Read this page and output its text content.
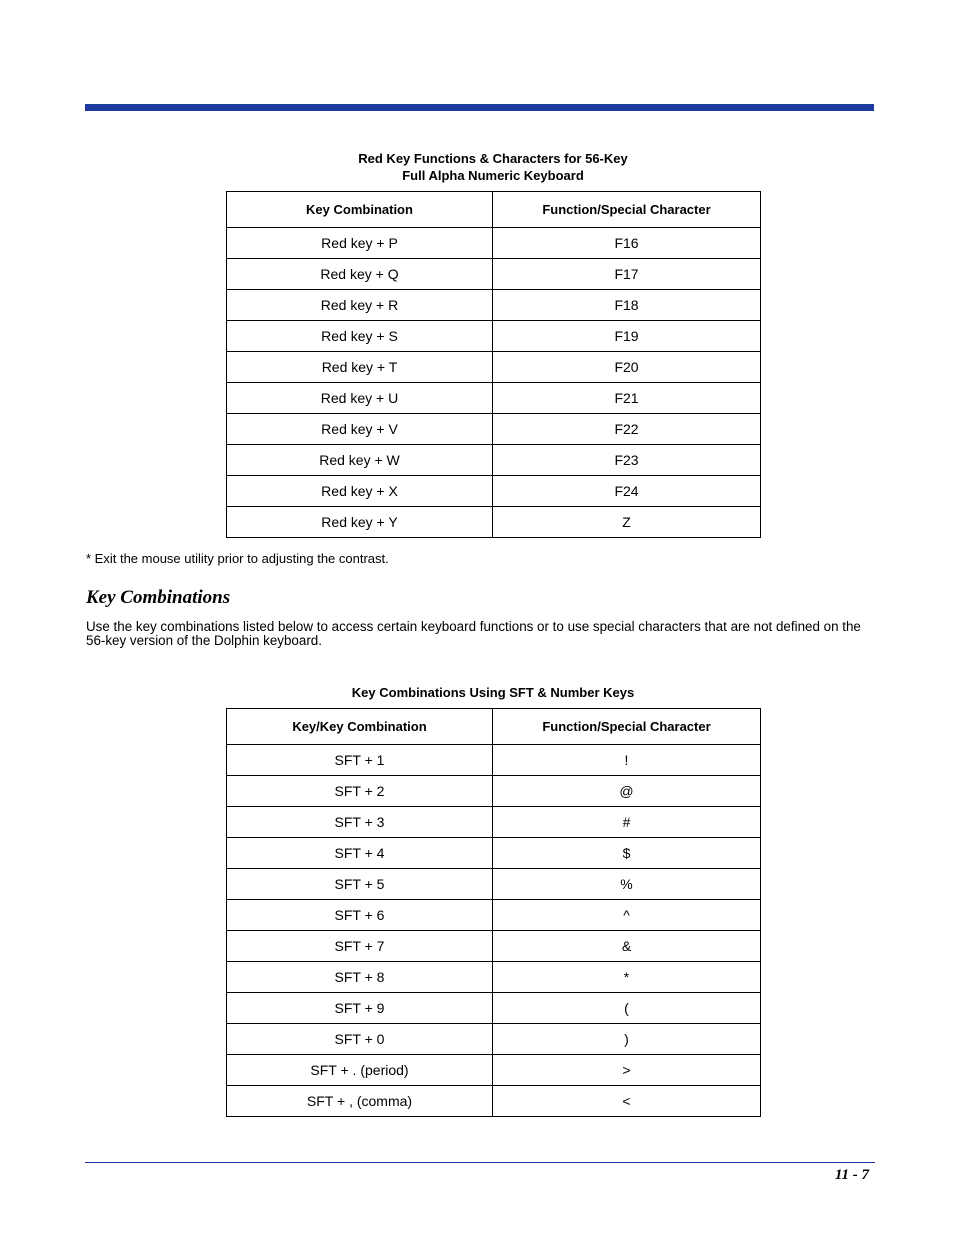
Red Key Functions & Characters for 56-Key
Full Alpha Numeric Keyboard
Key Combination	Function/Special Character
Red key + P	F16
Red key + Q	F17
Red key + R	F18
Red key + S	F19
Red key + T	F20
Red key + U	F21
Red key + V	F22
Red key + W	F23
Red key + X	F24
Red key + Y	Z
* Exit the mouse utility prior to adjusting the contrast.
Key Combinations
Use the key combinations listed below to access certain keyboard functions or to use special characters that are not defined on the 56-key version of the Dolphin keyboard.
Key Combinations Using SFT & Number Keys
Key/Key Combination	Function/Special Character
SFT + 1	!
SFT + 2	@
SFT + 3	#
SFT + 4	$
SFT + 5	%
SFT + 6	^
SFT + 7	&
SFT + 8	*
SFT + 9	(
SFT + 0	)
SFT + . (period)	>
SFT + , (comma)	<
11 - 7
